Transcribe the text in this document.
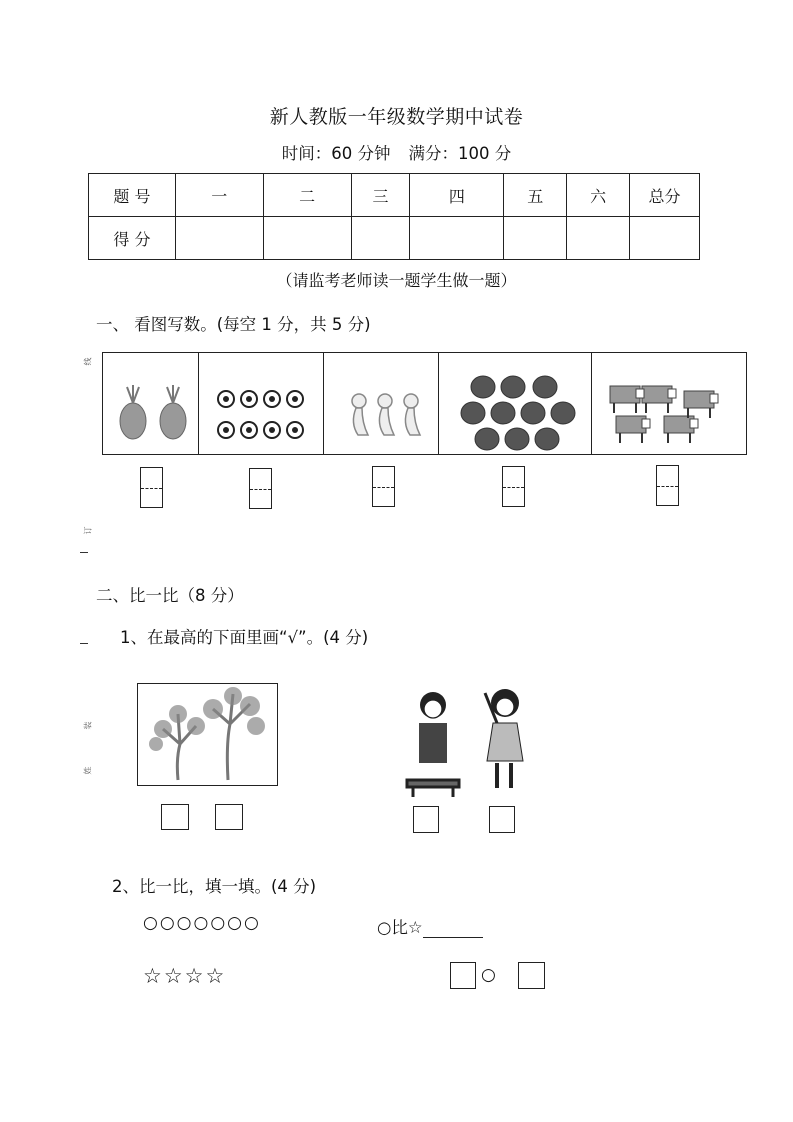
新人教版一年级数学期中试卷
时间：60 分钟 满分：100 分
题 号	一	二	三	四	五	六	总分
得 分							
（请监考老师读一题学生做一题）
一、 看图写数。(每空 1 分，共 5 分)
二、比一比（8 分）
1、在最高的下面里画“√”。(4 分)
2、比一比，填一填。(4 分)
○○○○○○○
☆☆☆☆
○比☆
○
线
订
装
姓
